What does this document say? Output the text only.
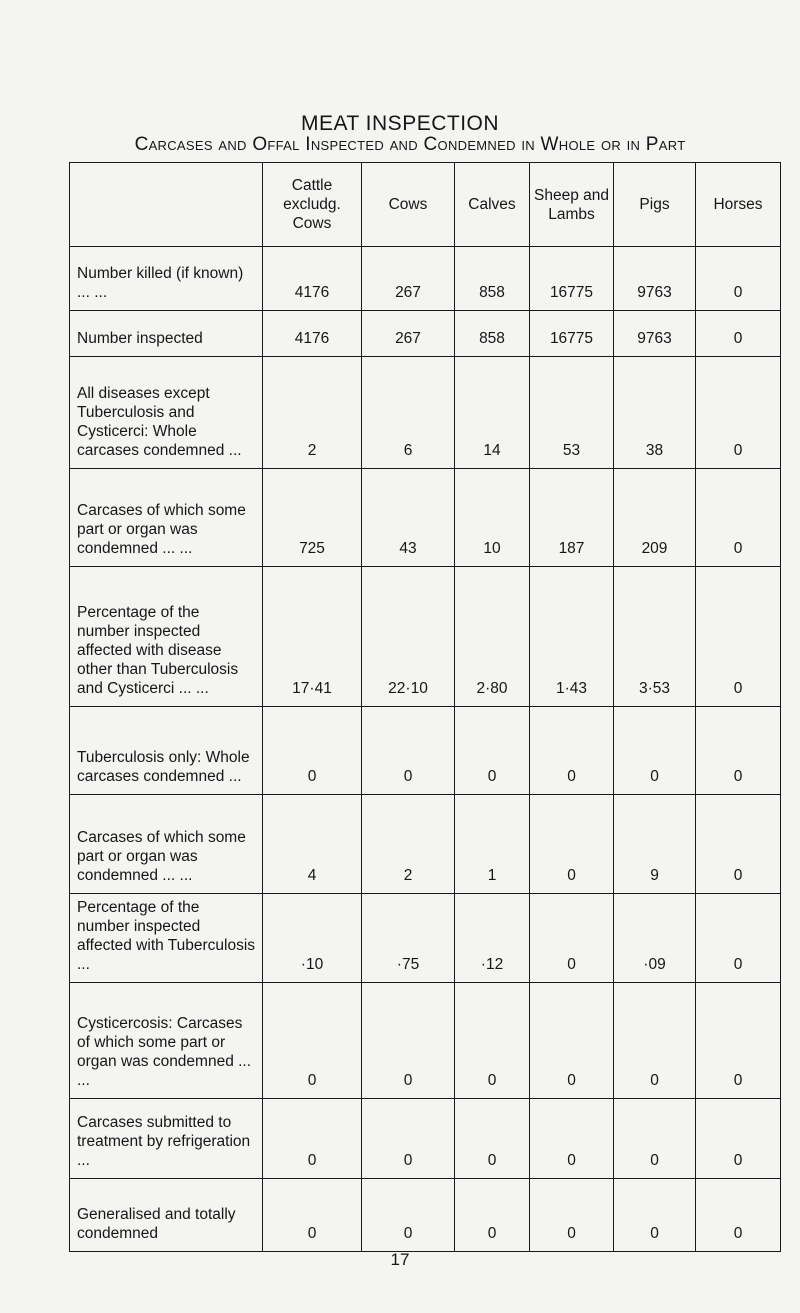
MEAT INSPECTION
Carcases and Offal Inspected and Condemned in Whole or in Part
	Cattle excludg. Cows	Cows	Calves	Sheep and Lambs	Pigs	Horses
Number killed (if known) ... ...	4176	267	858	16775	9763	0
Number inspected	4176	267	858	16775	9763	0
All diseases except Tuberculosis and Cysticerci: Whole carcases condemned ...	2	6	14	53	38	0
Carcases of which some part or organ was condemned ... ...	725	43	10	187	209	0
Percentage of the number inspected affected with disease other than Tuberculosis and Cysticerci ... ...	17·41	22·10	2·80	1·43	3·53	0
Tuberculosis only: Whole carcases condemned ...	0	0	0	0	0	0
Carcases of which some part or organ was condemned ... ...	4	2	1	0	9	0
Percentage of the number inspected affected with Tuberculosis ...	·10	·75	·12	0	·09	0
Cysticercosis: Carcases of which some part or organ was condemned ... ...	0	0	0	0	0	0
Carcases submitted to treatment by refrigeration ...	0	0	0	0	0	0
Generalised and totally condemned	0	0	0	0	0	0
17
